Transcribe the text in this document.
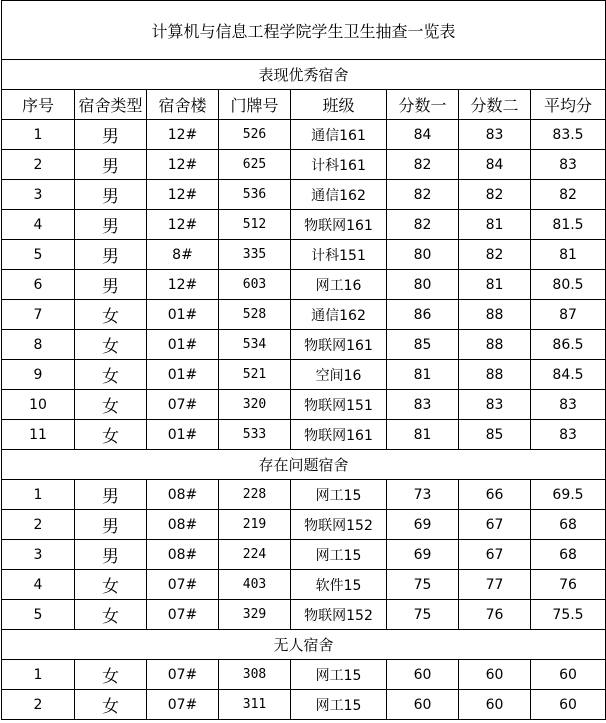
计算机与信息工程学院学生卫生抽查一览表							
表现优秀宿舍							
序号	宿舍类型	宿舍楼	门牌号	班级	分数一	分数二	平均分
1	男	12#	526	通信161	84	83	83.5
2	男	12#	625	计科161	82	84	83
3	男	12#	536	通信162	82	82	82
4	男	12#	512	物联网161	82	81	81.5
5	男	8#	335	计科151	80	82	81
6	男	12#	603	网工16	80	81	80.5
7	女	01#	528	通信162	86	88	87
8	女	01#	534	物联网161	85	88	86.5
9	女	01#	521	空间16	81	88	84.5
10	女	07#	320	物联网151	83	83	83
11	女	01#	533	物联网161	81	85	83
存在问题宿舍							
1	男	08#	228	网工15	73	66	69.5
2	男	08#	219	物联网152	69	67	68
3	男	08#	224	网工15	69	67	68
4	女	07#	403	软件15	75	77	76
5	女	07#	329	物联网152	75	76	75.5
无人宿舍							
1	女	07#	308	网工15	60	60	60
2	女	07#	311	网工15	60	60	60
